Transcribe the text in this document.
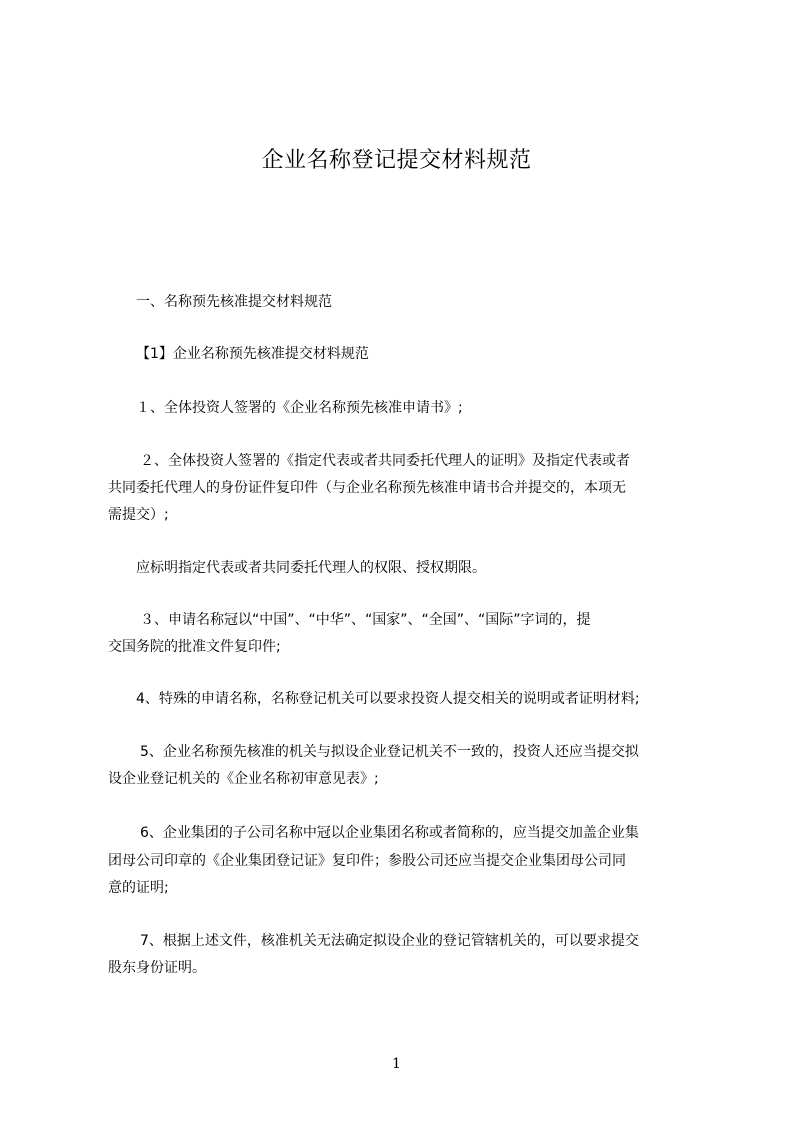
企业名称登记提交材料规范
一、名称预先核准提交材料规范
【1】企业名称预先核准提交材料规范
１、全体投资人签署的《企业名称预先核准申请书》;
２、全体投资人签署的《指定代表或者共同委托代理人的证明》及指定代表或者
共同委托代理人的身份证件复印件（与企业名称预先核准申请书合并提交的，本项无
需提交）;
应标明指定代表或者共同委托代理人的权限、授权期限。
３、申请名称冠以“中国”、“中华”、“国家”、“全国”、“国际”字词的，提
交国务院的批准文件复印件;
4、特殊的申请名称，名称登记机关可以要求投资人提交相关的说明或者证明材料;
5、企业名称预先核准的机关与拟设企业登记机关不一致的，投资人还应当提交拟
设企业登记机关的《企业名称初审意见表》;
6、企业集团的子公司名称中冠以企业集团名称或者简称的，应当提交加盖企业集
团母公司印章的《企业集团登记证》复印件；参股公司还应当提交企业集团母公司同
意的证明;
7、根据上述文件，核准机关无法确定拟设企业的登记管辖机关的，可以要求提交
股东身份证明。
1
